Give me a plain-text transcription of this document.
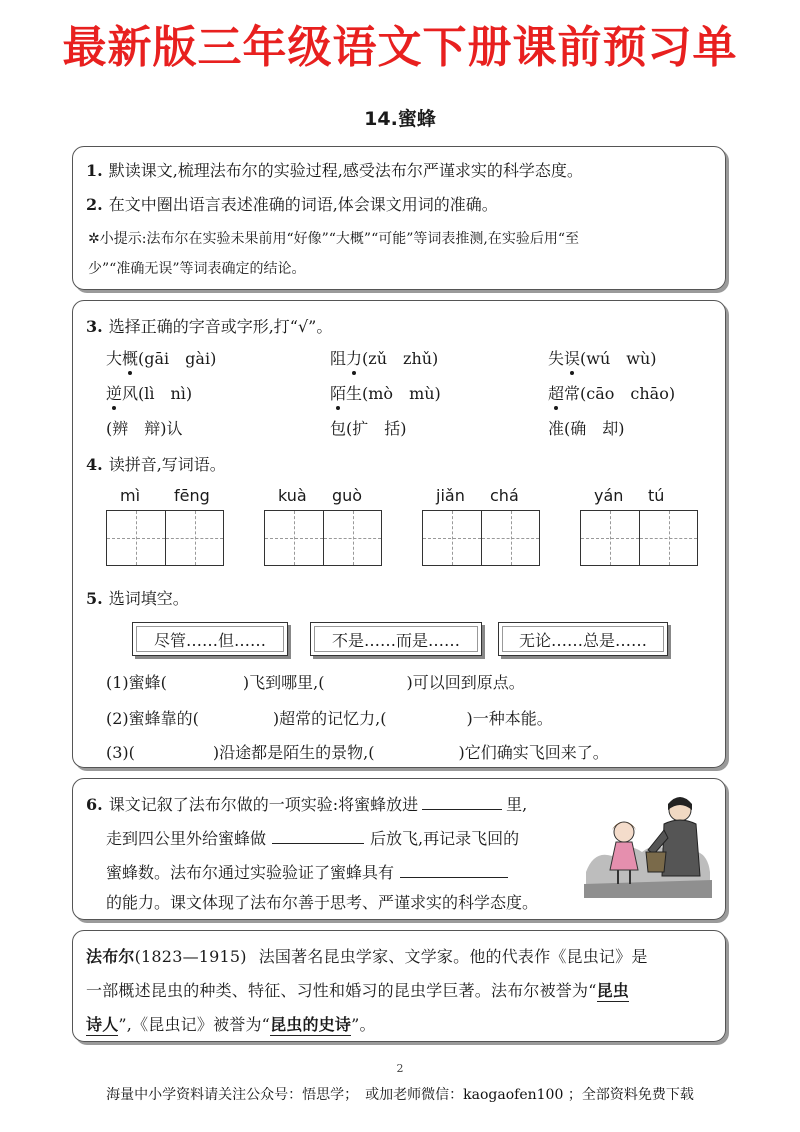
最新版三年级语文下册课前预习单
14.蜜蜂
1. 默读课文,梳理法布尔的实验过程,感受法布尔严谨求实的科学态度。
2. 在文中圈出语言表述准确的词语,体会课文用词的准确。
✲小提示:法布尔在实验未果前用“好像”“大概”“可能”等词表推测,在实验后用“至
少”“准确无误”等词表确定的结论。
3. 选择正确的字音或字形,打“√”。
大概(gāi　gài)	阻力(zǔ　zhǔ)	失误(wú　wù)
逆风(lì　nì)	陌生(mò　mù)	超常(cāo　chāo)
(辨　辩)认	包(扩　括)	准(确　却)
4. 读拼音,写词语。
mì fēng	kuà guò	jiǎn chá	yán tú
5. 选词填空。
尽管……但……	不是……而是……	无论……总是……
(1)蜜蜂(	)飞到哪里,(	)可以回到原点。
(2)蜜蜂靠的(	)超常的记忆力,(	)一种本能。
(3)(	)沿途都是陌生的景物,(	)它们确实飞回来了。
6. 课文记叙了法布尔做的一项实验:将蜜蜂放进	里,
走到四公里外给蜜蜂做	后放飞,再记录飞回的
蜜蜂数。法布尔通过实验验证了蜜蜂具有
的能力。课文体现了法布尔善于思考、严谨求实的科学态度。
法布尔(1823—1915) 法国著名昆虫学家、文学家。他的代表作《昆虫记》是
一部概述昆虫的种类、特征、习性和婚习的昆虫学巨著。法布尔被誉为“昆虫
诗人”,《昆虫记》被誉为“昆虫的史诗”。
2
海量中小学资料请关注公众号：悟思学；　或加老师微信：kaogaofen100 ；全部资料免费下载
